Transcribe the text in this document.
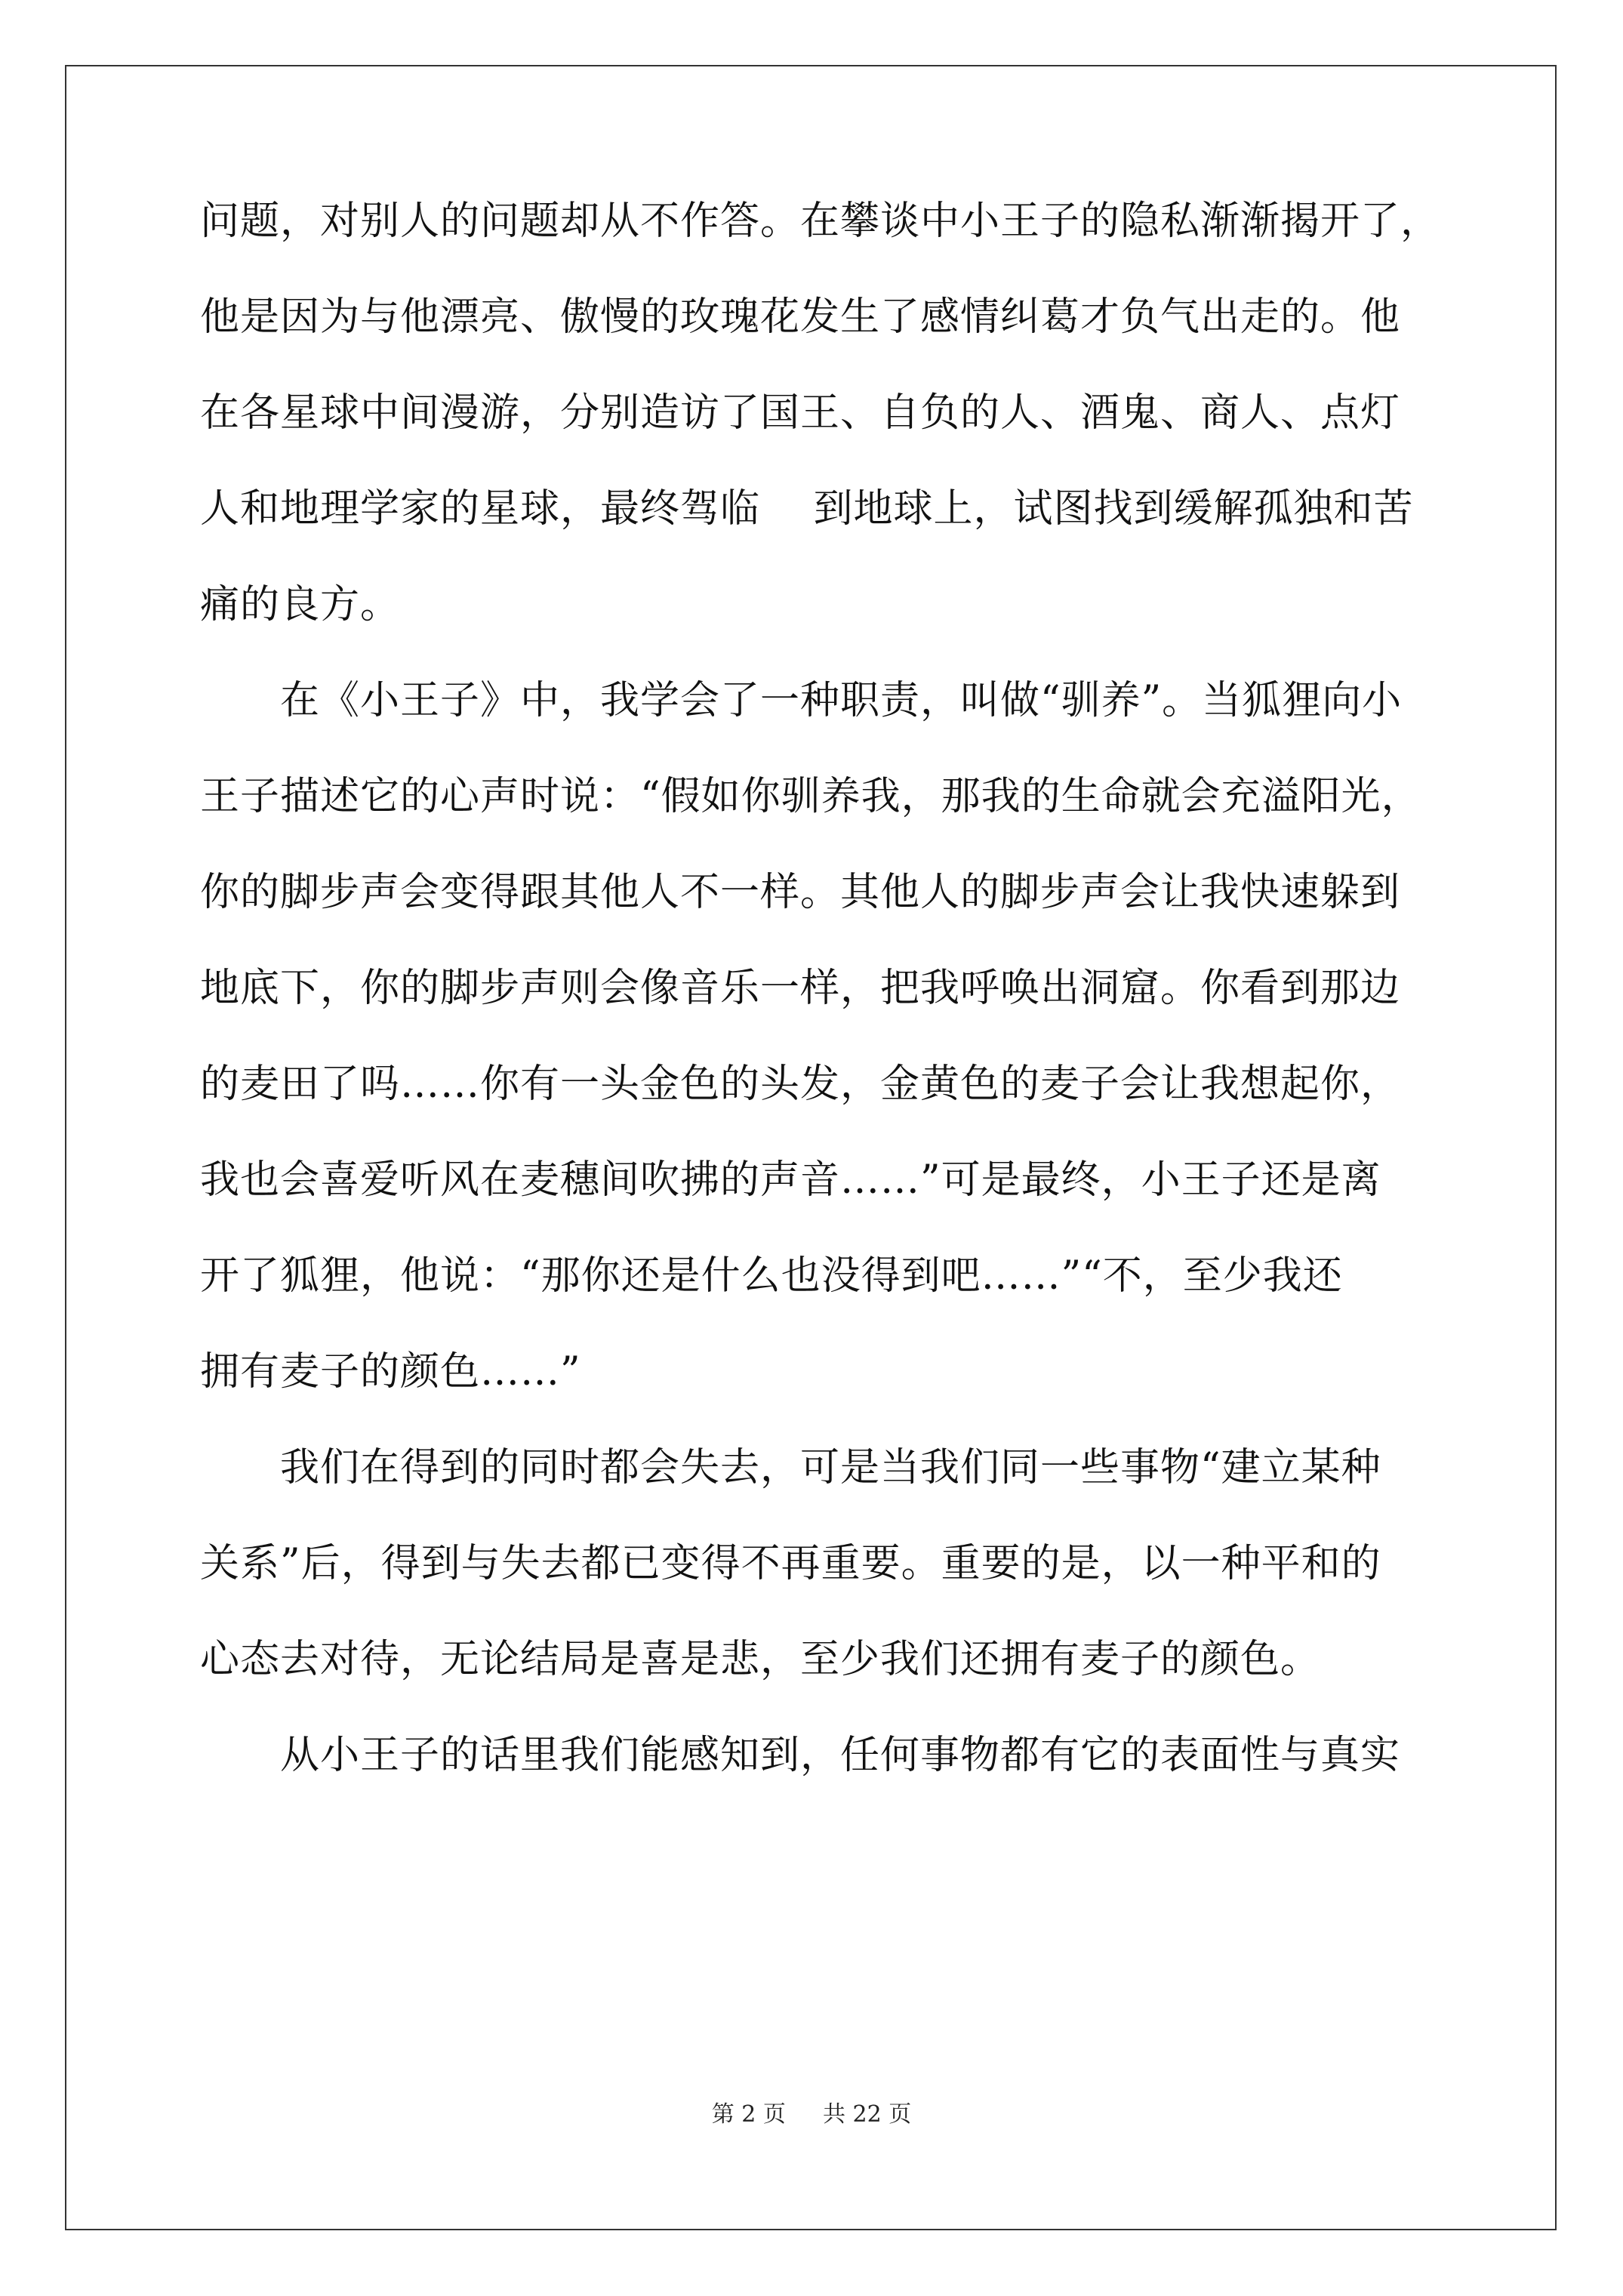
问题，对别人的问题却从不作答。在攀谈中小王子的隐私渐渐揭开了，
他是因为与他漂亮、傲慢的玫瑰花发生了感情纠葛才负气出走的。他
在各星球中间漫游，分别造访了国王、自负的人、酒鬼、商人、点灯
人和地理学家的星球，最终驾临　 到地球上，试图找到缓解孤独和苦
痛的良方。
在《小王子》中，我学会了一种职责，叫做“驯养”。当狐狸向小
王子描述它的心声时说：“假如你驯养我，那我的生命就会充溢阳光，
你的脚步声会变得跟其他人不一样。其他人的脚步声会让我快速躲到
地底下，你的脚步声则会像音乐一样，把我呼唤出洞窟。你看到那边
的麦田了吗……你有一头金色的头发，金黄色的麦子会让我想起你，
我也会喜爱听风在麦穗间吹拂的声音……”可是最终，小王子还是离
开了狐狸，他说：“那你还是什么也没得到吧……”“不，至少我还
拥有麦子的颜色……”
我们在得到的同时都会失去，可是当我们同一些事物“建立某种
关系”后，得到与失去都已变得不再重要。重要的是，以一种平和的
心态去对待，无论结局是喜是悲，至少我们还拥有麦子的颜色。
从小王子的话里我们能感知到，任何事物都有它的表面性与真实
第 2 页 共 22 页
